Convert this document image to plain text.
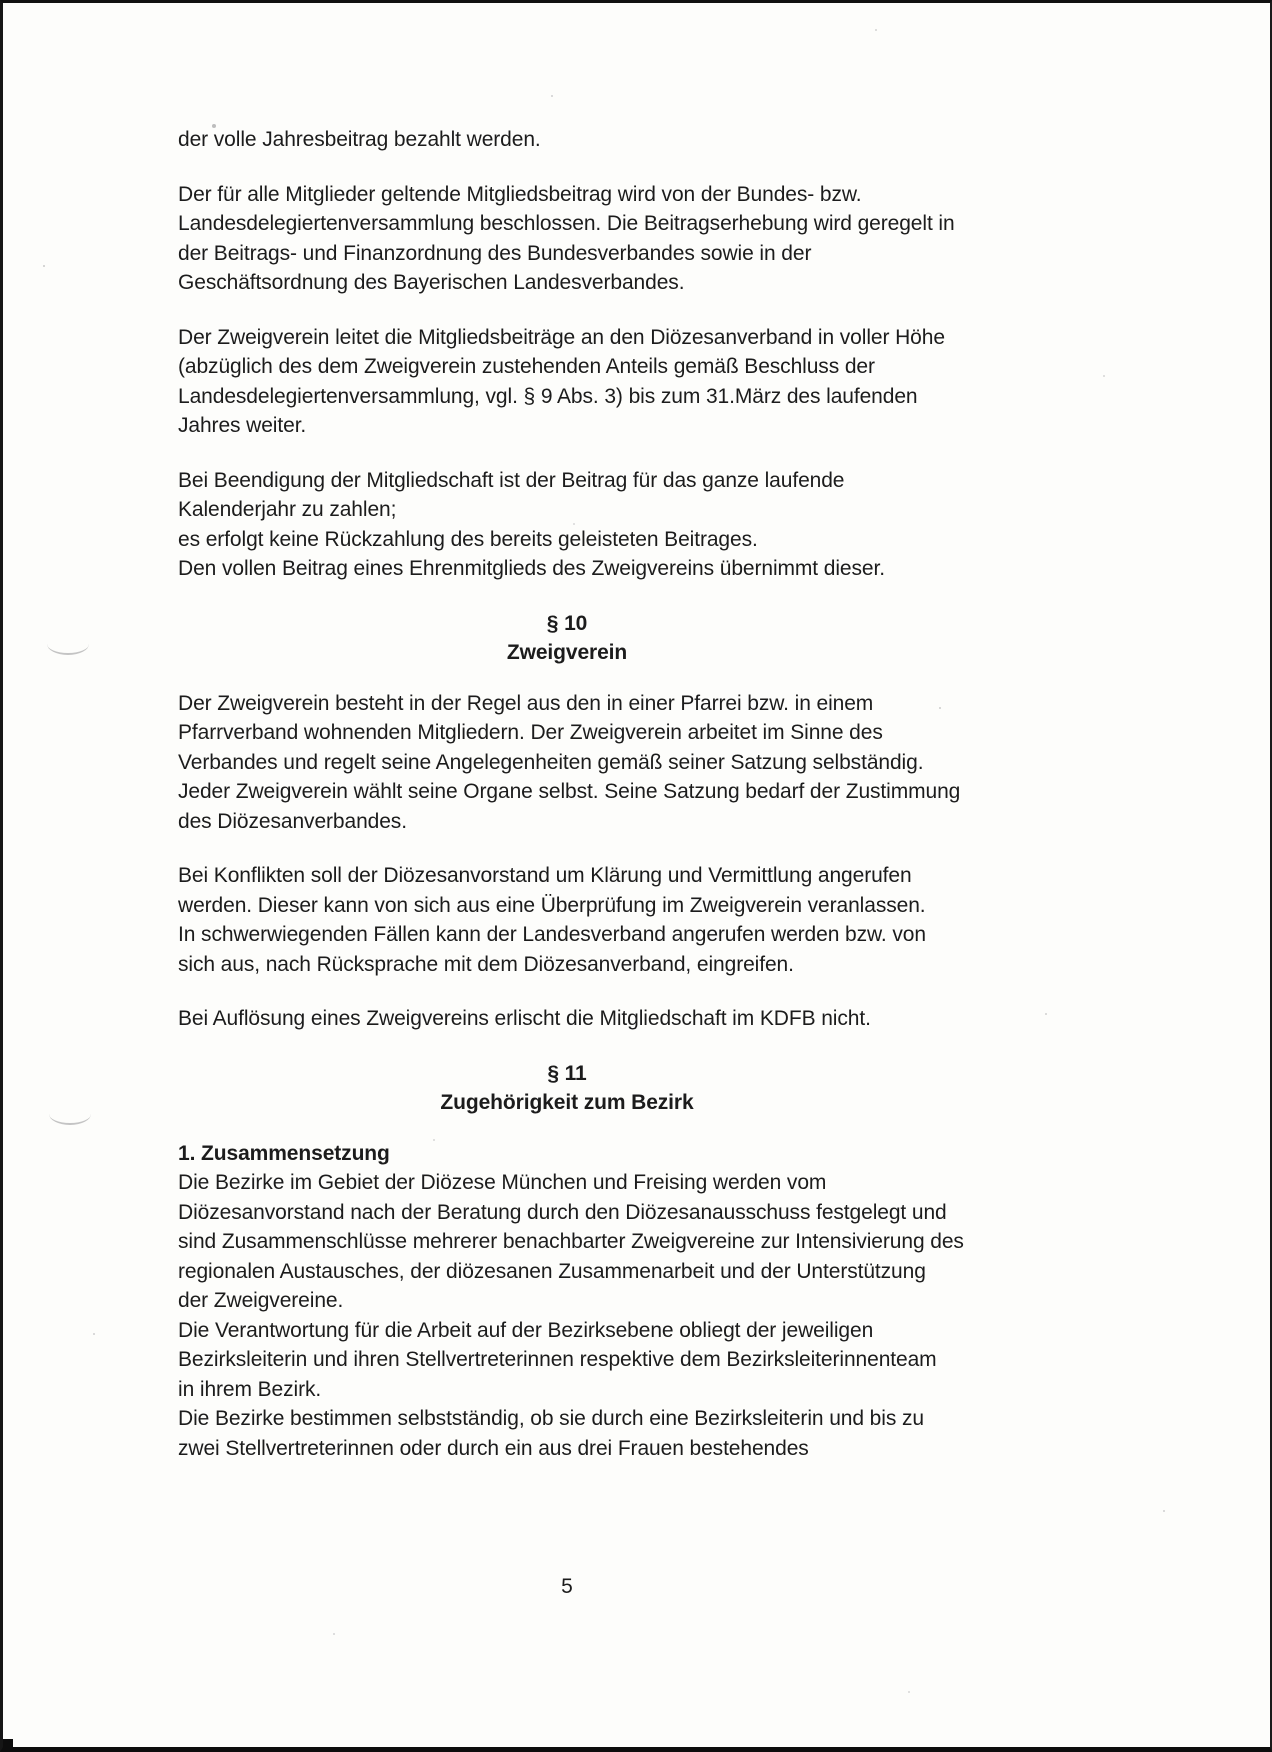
der volle Jahresbeitrag bezahlt werden.
Der für alle Mitglieder geltende Mitgliedsbeitrag wird von der Bundes- bzw.
Landesdelegiertenversammlung beschlossen. Die Beitragserhebung wird geregelt in
der Beitrags- und Finanzordnung des Bundesverbandes sowie in der
Geschäftsordnung des Bayerischen Landesverbandes.
Der Zweigverein leitet die Mitgliedsbeiträge an den Diözesanverband in voller Höhe
(abzüglich des dem Zweigverein zustehenden Anteils gemäß Beschluss der
Landesdelegiertenversammlung, vgl. § 9 Abs. 3) bis zum 31.März des laufenden
Jahres weiter.
Bei Beendigung der Mitgliedschaft ist der Beitrag für das ganze laufende
Kalenderjahr zu zahlen;
es erfolgt keine Rückzahlung des bereits geleisteten Beitrages.
Den vollen Beitrag eines Ehrenmitglieds des Zweigvereins übernimmt dieser.
§ 10
Zweigverein
Der Zweigverein besteht in der Regel aus den in einer Pfarrei bzw. in einem
Pfarrverband wohnenden Mitgliedern. Der Zweigverein arbeitet im Sinne des
Verbandes und regelt seine Angelegenheiten gemäß seiner Satzung selbständig.
Jeder Zweigverein wählt seine Organe selbst. Seine Satzung bedarf der Zustimmung
des Diözesanverbandes.
Bei Konflikten soll der Diözesanvorstand um Klärung und Vermittlung angerufen
werden. Dieser kann von sich aus eine Überprüfung im Zweigverein veranlassen.
In schwerwiegenden Fällen kann der Landesverband angerufen werden bzw. von
sich aus, nach Rücksprache mit dem Diözesanverband, eingreifen.
Bei Auflösung eines Zweigvereins erlischt die Mitgliedschaft im KDFB nicht.
§ 11
Zugehörigkeit zum Bezirk
1. Zusammensetzung
Die Bezirke im Gebiet der Diözese München und Freising werden vom
Diözesanvorstand nach der Beratung durch den Diözesanausschuss festgelegt und
sind Zusammenschlüsse mehrerer benachbarter Zweigvereine zur Intensivierung des
regionalen Austausches, der diözesanen Zusammenarbeit und der Unterstützung
der Zweigvereine.
Die Verantwortung für die Arbeit auf der Bezirksebene obliegt der jeweiligen
Bezirksleiterin und ihren Stellvertreterinnen respektive dem Bezirksleiterinnenteam
in ihrem Bezirk.
Die Bezirke bestimmen selbstständig, ob sie durch eine Bezirksleiterin und bis zu
zwei Stellvertreterinnen oder durch ein aus drei Frauen bestehendes
5
